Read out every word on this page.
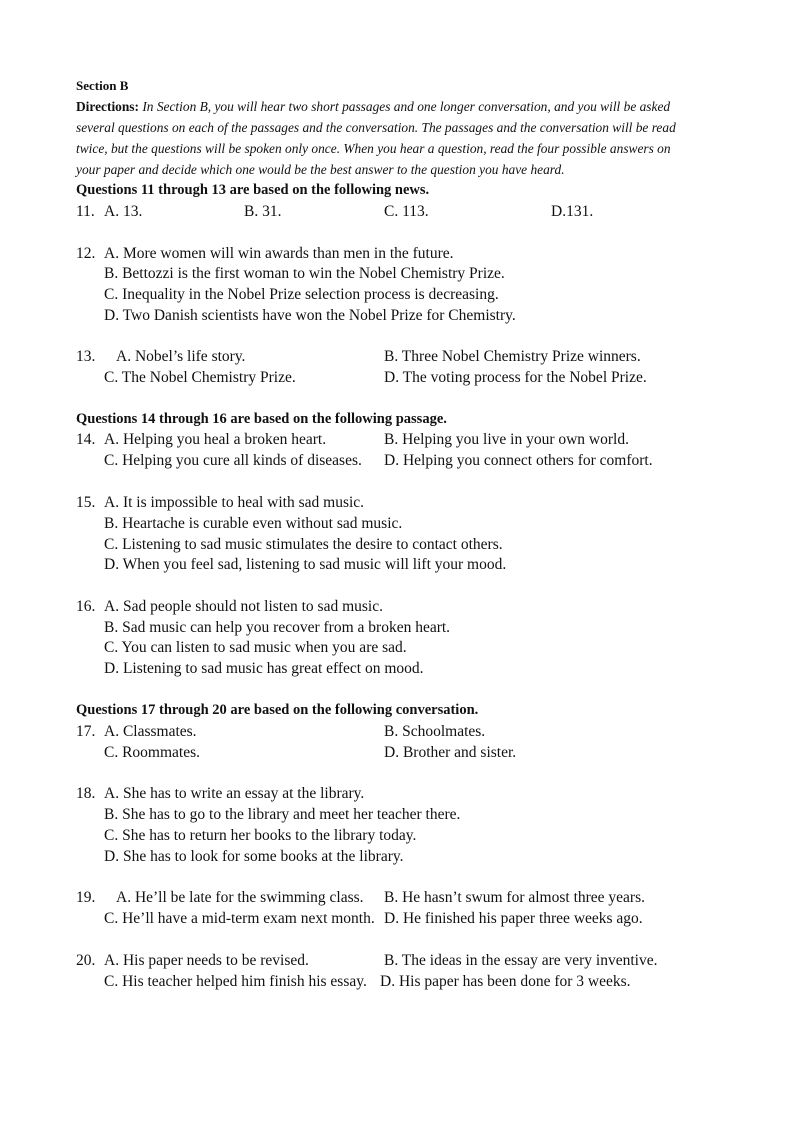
Section B
Directions: In Section B, you will hear two short passages and one longer conversation, and you will be asked
several questions on each of the passages and the conversation. The passages and the conversation will be read
twice, but the questions will be spoken only once. When you hear a question, read the four possible answers on
your paper and decide which one would be the best answer to the question you have heard.
Questions 11 through 13 are based on the following news.
11. A. 13.	B. 31.	C. 113.	D.131.
12. A. More women will win awards than men in the future.
B. Bettozzi is the first woman to win the Nobel Chemistry Prize.
C. Inequality in the Nobel Prize selection process is decreasing.
D. Two Danish scientists have won the Nobel Prize for Chemistry.
13. A. Nobel’s life story.	B. Three Nobel Chemistry Prize winners.
C. The Nobel Chemistry Prize.	D. The voting process for the Nobel Prize.
Questions 14 through 16 are based on the following passage.
14. A. Helping you heal a broken heart.	B. Helping you live in your own world.
C. Helping you cure all kinds of diseases. D. Helping you connect others for comfort.
15. A. It is impossible to heal with sad music.
B. Heartache is curable even without sad music.
C. Listening to sad music stimulates the desire to contact others.
D. When you feel sad, listening to sad music will lift your mood.
16. A. Sad people should not listen to sad music.
B. Sad music can help you recover from a broken heart.
C. You can listen to sad music when you are sad.
D. Listening to sad music has great effect on mood.
Questions 17 through 20 are based on the following conversation.
17. A. Classmates.	B. Schoolmates.
C. Roommates.	D. Brother and sister.
18. A. She has to write an essay at the library.
B. She has to go to the library and meet her teacher there.
C. She has to return her books to the library today.
D. She has to look for some books at the library.
19. A. He’ll be late for the swimming class. B. He hasn’t swum for almost three years.
C. He’ll have a mid-term exam next month. D. He finished his paper three weeks ago.
20. A. His paper needs to be revised.	B. The ideas in the essay are very inventive.
C. His teacher helped him finish his essay. D. His paper has been done for 3 weeks.
